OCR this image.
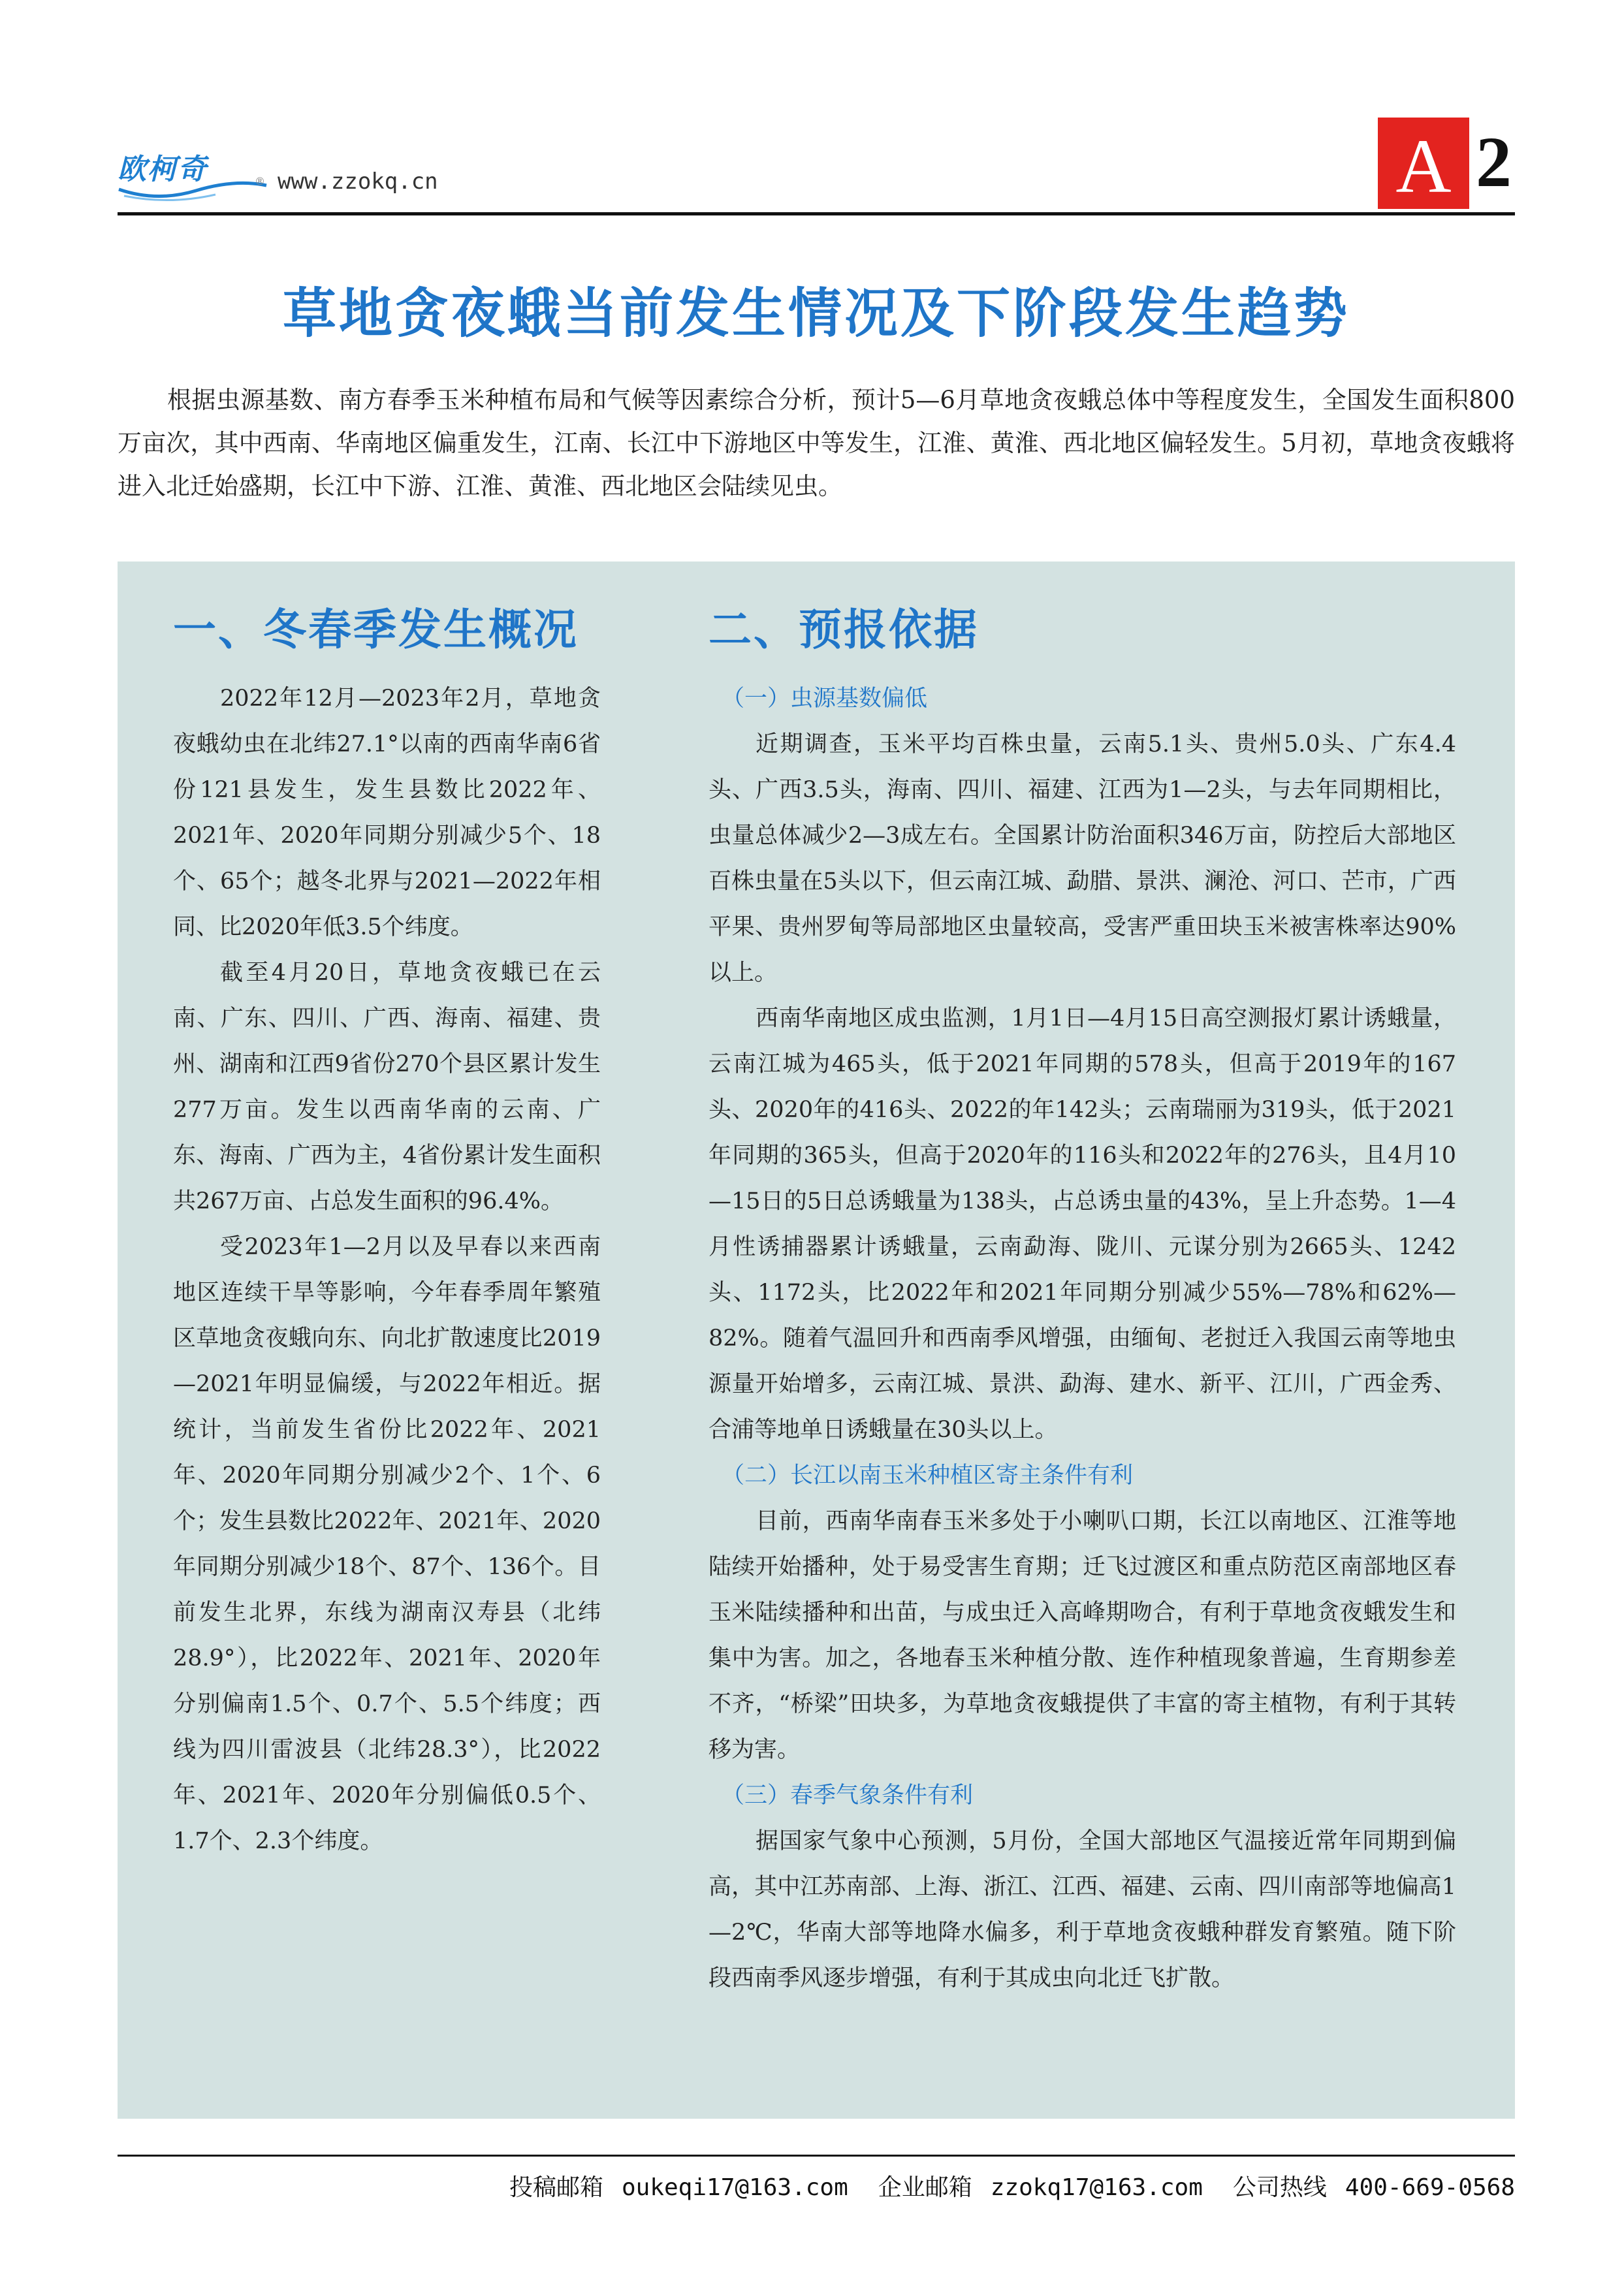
欧柯奇	® www.zzokq.cn	A 2
草地贪夜蛾当前发生情况及下阶段发生趋势

根据虫源基数、南方春季玉米种植布局和气候等因素综合分析，预计5—6月草地贪夜蛾总体中等程度发生，全国发生面积800万亩次，其中西南、华南地区偏重发生，江南、长江中下游地区中等发生，江淮、黄淮、西北地区偏轻发生。5月初，草地贪夜蛾将进入北迁始盛期，长江中下游、江淮、黄淮、西北地区会陆续见虫。

一、冬春季发生概况

2022年12月—2023年2月，草地贪夜蛾幼虫在北纬27.1°以南的西南华南6省份121县发生，发生县数比2022年、2021年、2020年同期分别减少5个、18个、65个；越冬北界与2021—2022年相同、比2020年低3.5个纬度。

截至4月20日，草地贪夜蛾已在云南、广东、四川、广西、海南、福建、贵州、湖南和江西9省份270个县区累计发生277万亩。发生以西南华南的云南、广东、海南、广西为主，4省份累计发生面积共267万亩、占总发生面积的96.4%。

受2023年1—2月以及早春以来西南地区连续干旱等影响，今年春季周年繁殖区草地贪夜蛾向东、向北扩散速度比2019—2021年明显偏缓，与2022年相近。据统计，当前发生省份比2022年、2021年、2020年同期分别减少2个、1个、6个；发生县数比2022年、2021年、2020年同期分别减少18个、87个、136个。目前发生北界，东线为湖南汉寿县（北纬28.9°），比2022年、2021年、2020年分别偏南1.5个、0.7个、5.5个纬度；西线为四川雷波县（北纬28.3°），比2022年、2021年、2020年分别偏低0.5个、1.7个、2.3个纬度。

二、预报依据

（一）虫源基数偏低

近期调查，玉米平均百株虫量，云南5.1头、贵州5.0头、广东4.4头、广西3.5头，海南、四川、福建、江西为1—2头，与去年同期相比，虫量总体减少2—3成左右。全国累计防治面积346万亩，防控后大部地区百株虫量在5头以下，但云南江城、勐腊、景洪、澜沧、河口、芒市，广西平果、贵州罗甸等局部地区虫量较高，受害严重田块玉米被害株率达90%以上。

西南华南地区成虫监测，1月1日—4月15日高空测报灯累计诱蛾量，云南江城为465头，低于2021年同期的578头，但高于2019年的167头、2020年的416头、2022的年142头；云南瑞丽为319头，低于2021年同期的365头，但高于2020年的116头和2022年的276头，且4月10—15日的5日总诱蛾量为138头，占总诱虫量的43%，呈上升态势。1—4月性诱捕器累计诱蛾量，云南勐海、陇川、元谋分别为2665头、1242头、1172头，比2022年和2021年同期分别减少55%—78%和62%—82%。随着气温回升和西南季风增强，由缅甸、老挝迁入我国云南等地虫源量开始增多，云南江城、景洪、勐海、建水、新平、江川，广西金秀、合浦等地单日诱蛾量在30头以上。

（二）长江以南玉米种植区寄主条件有利

目前，西南华南春玉米多处于小喇叭口期，长江以南地区、江淮等地陆续开始播种，处于易受害生育期；迁飞过渡区和重点防范区南部地区春玉米陆续播种和出苗，与成虫迁入高峰期吻合，有利于草地贪夜蛾发生和集中为害。加之，各地春玉米种植分散、连作种植现象普遍，生育期参差不齐，“桥梁”田块多，为草地贪夜蛾提供了丰富的寄主植物，有利于其转移为害。

（三）春季气象条件有利

据国家气象中心预测，5月份，全国大部地区气温接近常年同期到偏高，其中江苏南部、上海、浙江、江西、福建、云南、四川南部等地偏高1—2℃，华南大部等地降水偏多，利于草地贪夜蛾种群发育繁殖。随下阶段西南季风逐步增强，有利于其成虫向北迁飞扩散。

投稿邮箱 oukeqi17@163.com 企业邮箱 zzokq17@163.com 公司热线 400-669-0568
